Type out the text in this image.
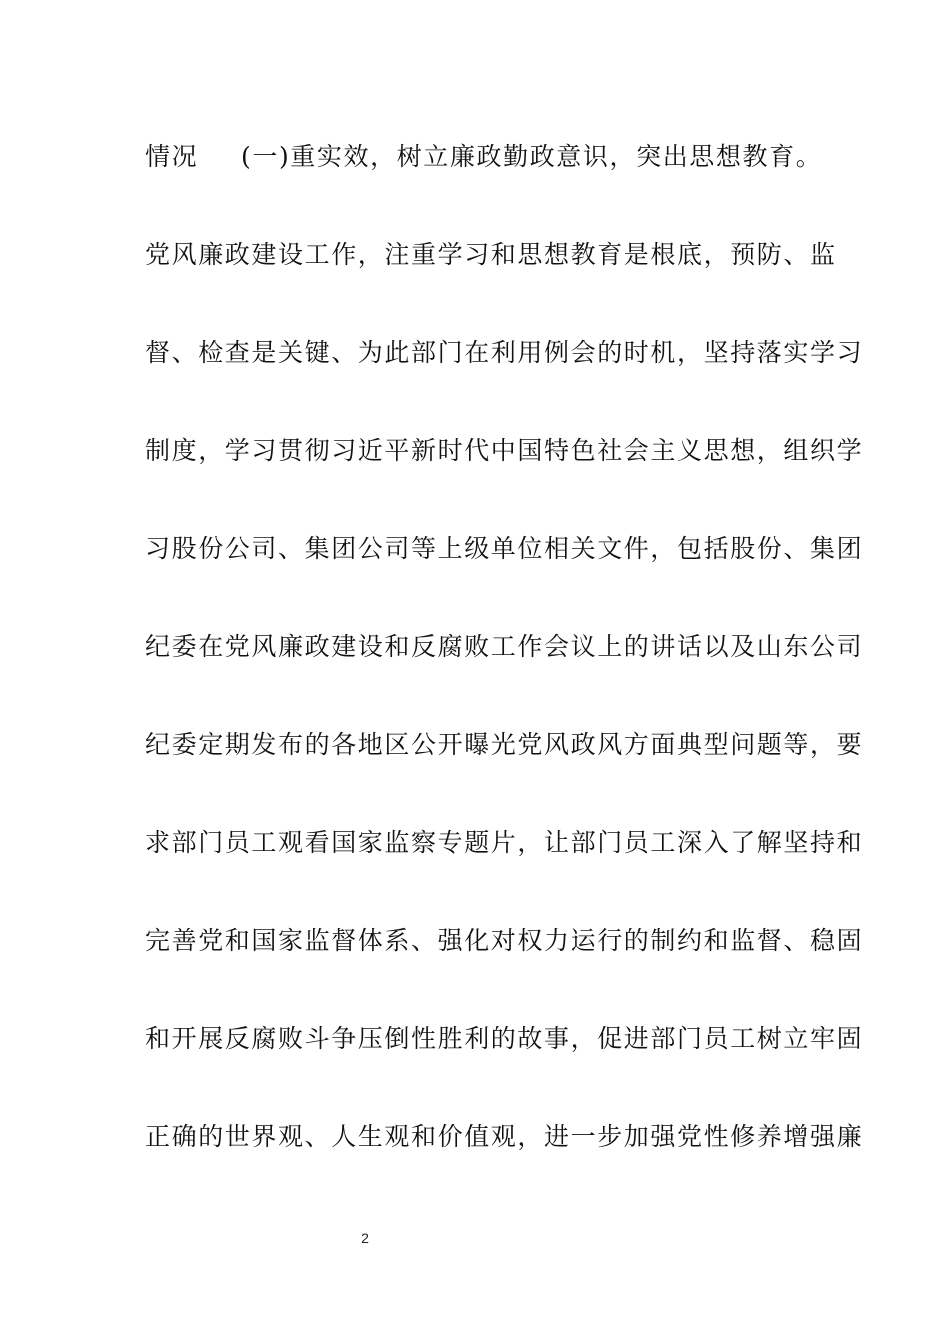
情况 (一)重实效，树立廉政勤政意识，突出思想教育。
党风廉政建设工作，注重学习和思想教育是根底，预防、监
督、检查是关键、为此部门在利用例会的时机，坚持落实学习
制度，学习贯彻习近平新时代中国特色社会主义思想，组织学
习股份公司、集团公司等上级单位相关文件，包括股份、集团
纪委在党风廉政建设和反腐败工作会议上的讲话以及山东公司
纪委定期发布的各地区公开曝光党风政风方面典型问题等，要
求部门员工观看国家监察专题片，让部门员工深入了解坚持和
完善党和国家监督体系、强化对权力运行的制约和监督、稳固
和开展反腐败斗争压倒性胜利的故事，促进部门员工树立牢固
正确的世界观、人生观和价值观，进一步加强党性修养增强廉
2
